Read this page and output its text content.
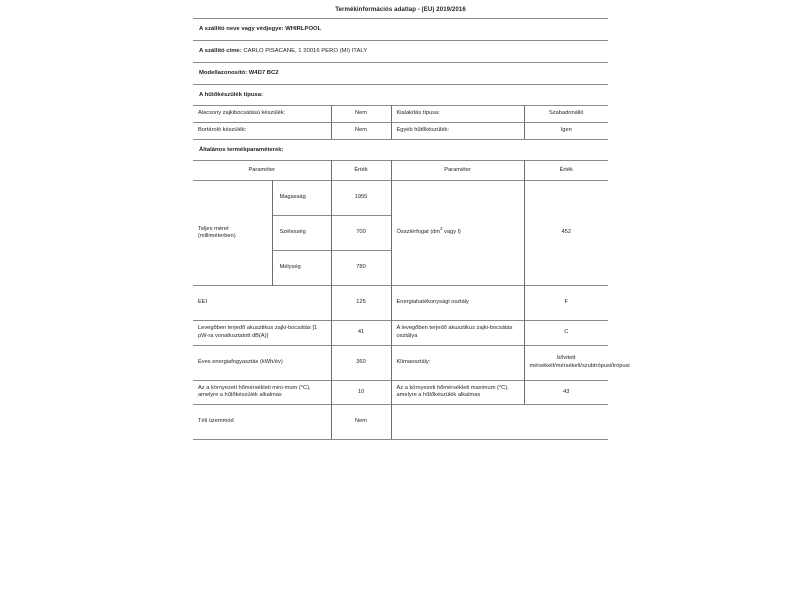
Termékinformációs adatlap - (EU) 2019/2016
A szállító neve vagy védjegye: WHIRLPOOL
A szállító címe: CARLO PISACANE, 1 20016 PERO (MI) ITALY
Modellazonosító: W4D7 BC2
A hűtőkészülék típusa:
Alacsony zajkibocsátású készülék:	Nem	Kialakítás típusa:	Szabadonálló
Bortároló készülék:	Nem	Egyéb hűtőkészülék:	Igen
Általános termékparaméterek:
Paraméter		Érték	Paraméter	Érték
Teljes méret
(milliméterben)	Magasság	1955	Össztérfogat ($dm^3$ vagy l)	452
	Szélesség	700		
	Mélység	780		
EEI		125	Energiahatékonysági osztály	F
Levegőben terjedő akusztikus zajki-bocsátás [1 pW-ra vonatkoztatott dB(A)]		41	A levegőben terjedő akusztikus zajki-bocsátás osztálya	C
Éves energiafogyasztás (kWh/év)		360	Klímaosztály:	bővitett mérsékelt/mérsékelt/szubtrópusi/trópusi
Az a környezeti hőmérsékleti mini-mum (°C), amelyre a hűtőkészülék alkalmas		10	Az a környezeti hőmérsékleti maximum (°C), amelyre a hűtőkészülék alkalmas	43
Téli üzemmód		Nem		
